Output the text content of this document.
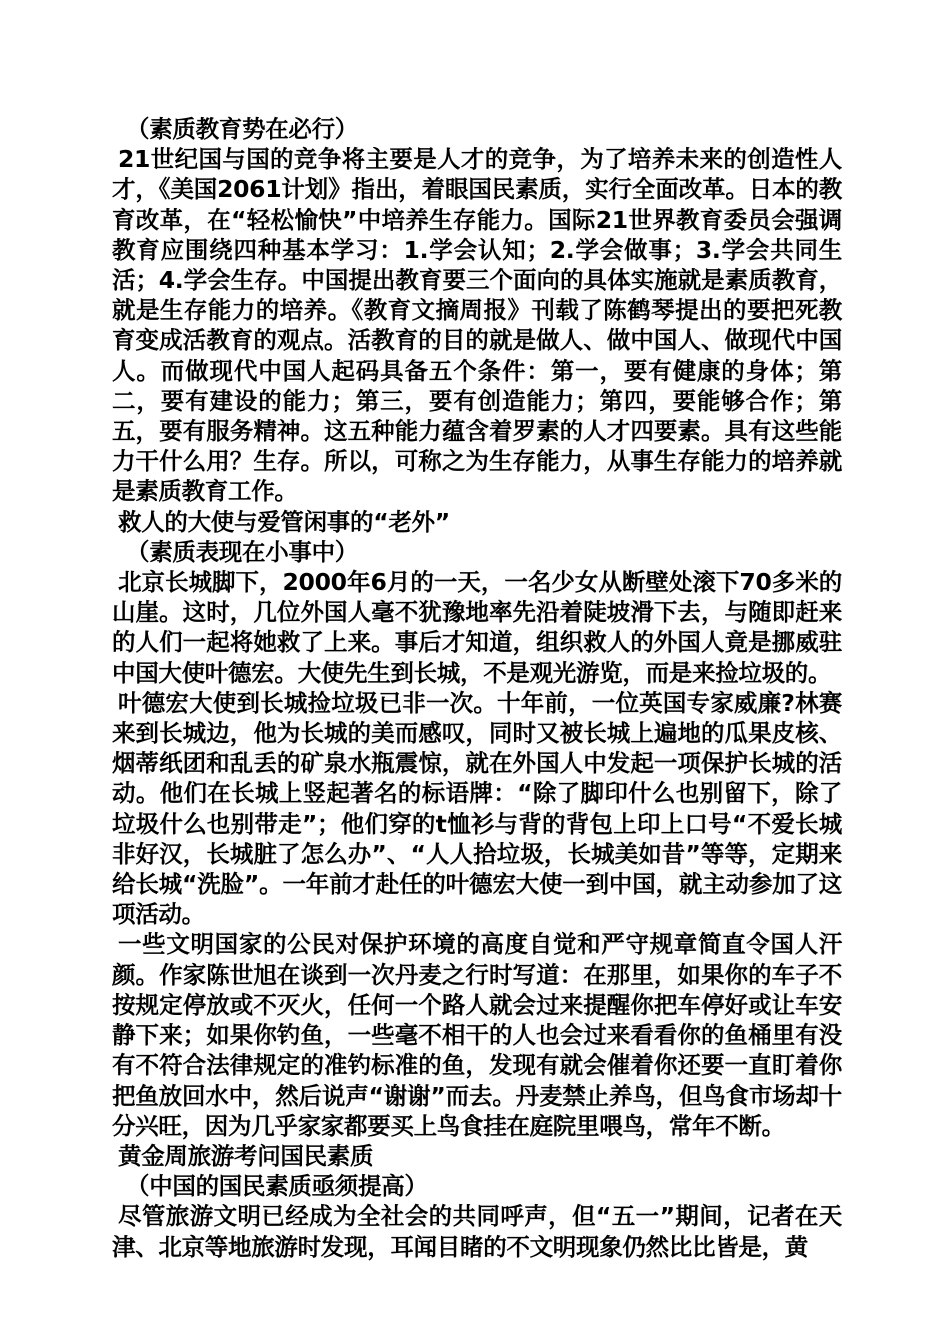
（素质教育势在必行）

21世纪国与国的竞争将主要是人才的竞争，为了培养未来的创造性人才，《美国2061计划》指出，着眼国民素质，实行全面改革。日本的教育改革，在“轻松愉快”中培养生存能力。国际21世界教育委员会强调教育应围绕四种基本学习：1.学会认知；2.学会做事；3.学会共同生活；4.学会生存。中国提出教育要三个面向的具体实施就是素质教育，就是生存能力的培养。《教育文摘周报》刊载了陈鹤琴提出的要把死教育变成活教育的观点。活教育的目的就是做人、做中国人、做现代中国人。而做现代中国人起码具备五个条件：第一，要有健康的身体；第二，要有建设的能力；第三，要有创造能力；第四，要能够合作；第五，要有服务精神。这五种能力蕴含着罗素的人才四要素。具有这些能力干什么用？生存。所以，可称之为生存能力，从事生存能力的培养就是素质教育工作。

救人的大使与爱管闲事的“老外”

（素质表现在小事中）

北京长城脚下，2000年6月的一天，一名少女从断壁处滚下70多米的山崖。这时，几位外国人毫不犹豫地率先沿着陡坡滑下去，与随即赶来的人们一起将她救了上来。事后才知道，组织救人的外国人竟是挪威驻中国大使叶德宏。大使先生到长城，不是观光游览，而是来捡垃圾的。

叶德宏大使到长城捡垃圾已非一次。十年前，一位英国专家威廉?林赛来到长城边，他为长城的美而感叹，同时又被长城上遍地的瓜果皮核、烟蒂纸团和乱丢的矿泉水瓶震惊，就在外国人中发起一项保护长城的活动。他们在长城上竖起著名的标语牌：“除了脚印什么也别留下，除了垃圾什么也别带走”；他们穿的t恤衫与背的背包上印上口号“不爱长城非好汉，长城脏了怎么办”、“人人拾垃圾，长城美如昔”等等，定期来给长城“洗脸”。一年前才赴任的叶德宏大使一到中国，就主动参加了这项活动。

一些文明国家的公民对保护环境的高度自觉和严守规章简直令国人汗颜。作家陈世旭在谈到一次丹麦之行时写道：在那里，如果你的车子不按规定停放或不灭火，任何一个路人就会过来提醒你把车停好或让车安静下来；如果你钓鱼，一些毫不相干的人也会过来看看你的鱼桶里有没有不符合法律规定的准钓标准的鱼，发现有就会催着你还要一直盯着你把鱼放回水中，然后说声“谢谢”而去。丹麦禁止养鸟，但鸟食市场却十分兴旺，因为几乎家家都要买上鸟食挂在庭院里喂鸟，常年不断。

黄金周旅游考问国民素质

（中国的国民素质亟须提高）

尽管旅游文明已经成为全社会的共同呼声，但“五一”期间，记者在天津、北京等地旅游时发现，耳闻目睹的不文明现象仍然比比皆是，黄
